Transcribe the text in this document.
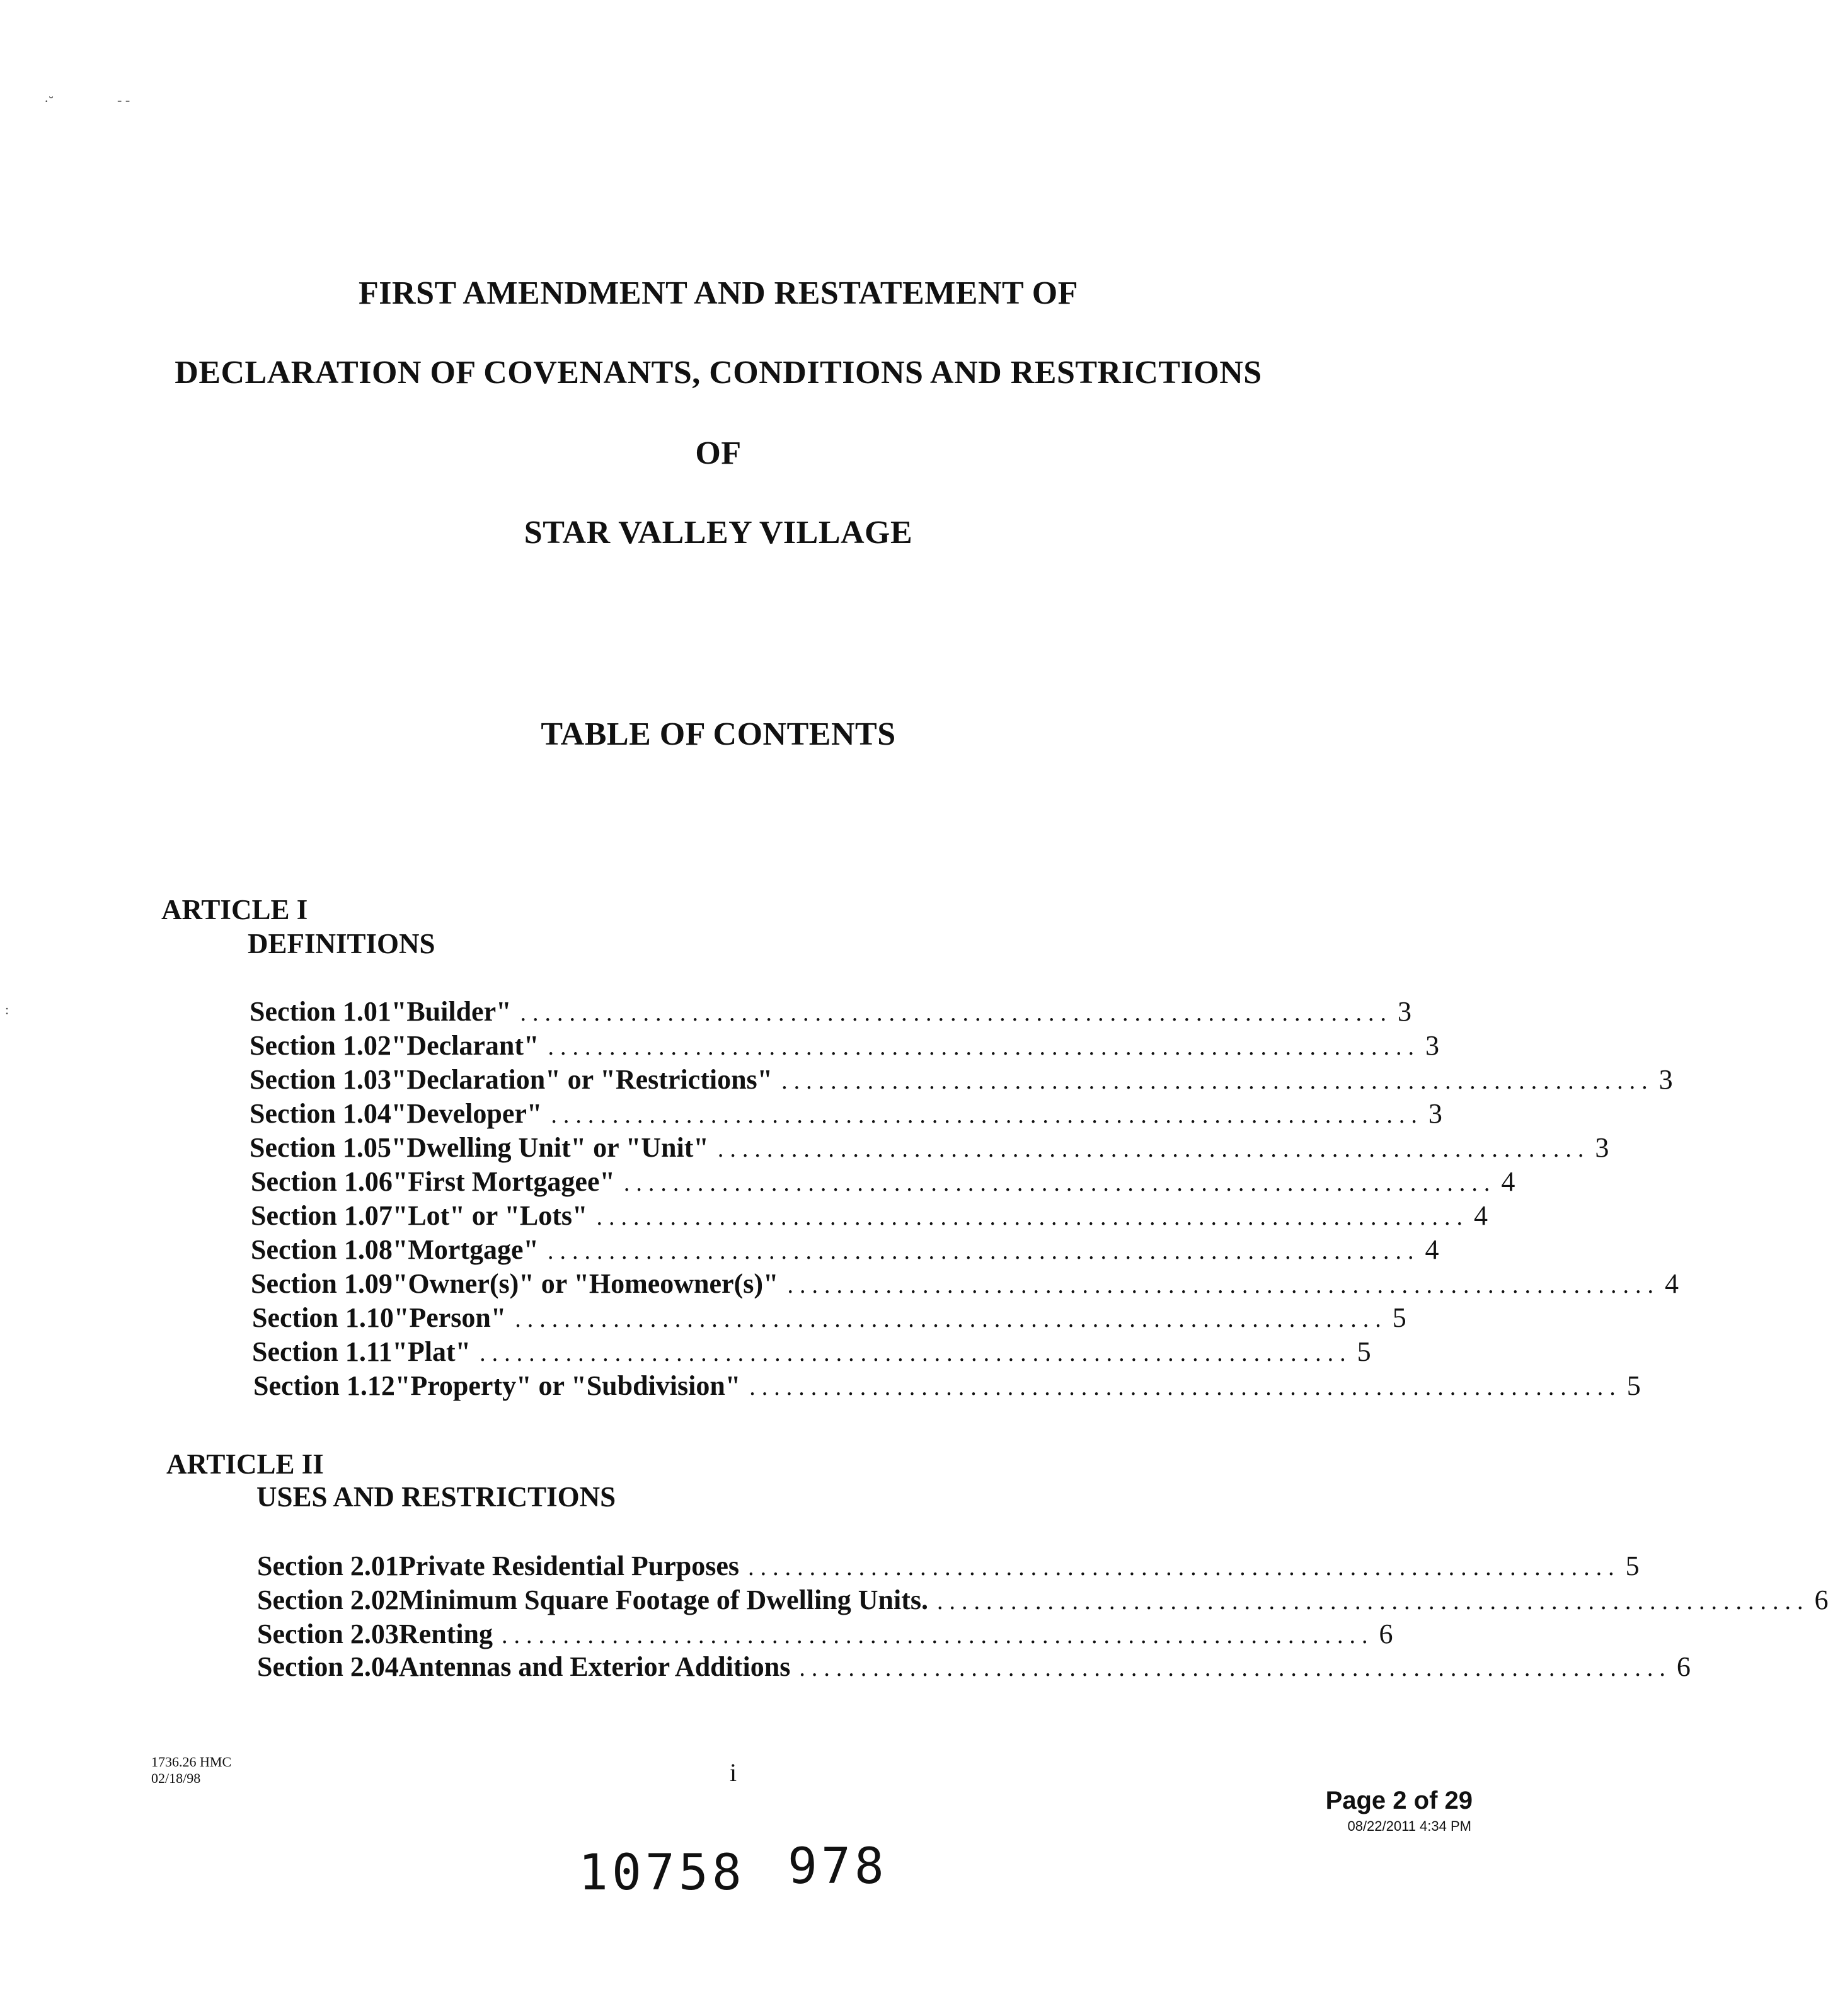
·˘	- -
:
FIRST AMENDMENT AND RESTATEMENT OF
DECLARATION OF COVENANTS, CONDITIONS AND RESTRICTIONS
OF
STAR VALLEY VILLAGE
TABLE OF CONTENTS
ARTICLE I
DEFINITIONS
Section 1.01 "Builder" ....................................................................... 3
Section 1.02 "Declarant" ....................................................................... 3
Section 1.03 "Declaration" or "Restrictions" ....................................................................... 3
Section 1.04 "Developer" ....................................................................... 3
Section 1.05 "Dwelling Unit" or "Unit" ....................................................................... 3
Section 1.06 "First Mortgagee" ....................................................................... 4
Section 1.07 "Lot" or "Lots" ....................................................................... 4
Section 1.08 "Mortgage" ....................................................................... 4
Section 1.09 "Owner(s)" or "Homeowner(s)" ....................................................................... 4
Section 1.10 "Person" ....................................................................... 5
Section 1.11 "Plat" ....................................................................... 5
Section 1.12 "Property" or "Subdivision" ....................................................................... 5
ARTICLE II
USES AND RESTRICTIONS
Section 2.01 Private Residential Purposes ....................................................................... 5
Section 2.02 Minimum Square Footage of Dwelling Units. ....................................................................... 6
Section 2.03 Renting ....................................................................... 6
Section 2.04 Antennas and Exterior Additions ....................................................................... 6
1736.26 HMC
02/18/98	i
Page 2 of 29
08/22/2011 4:34 PM
10758 978
